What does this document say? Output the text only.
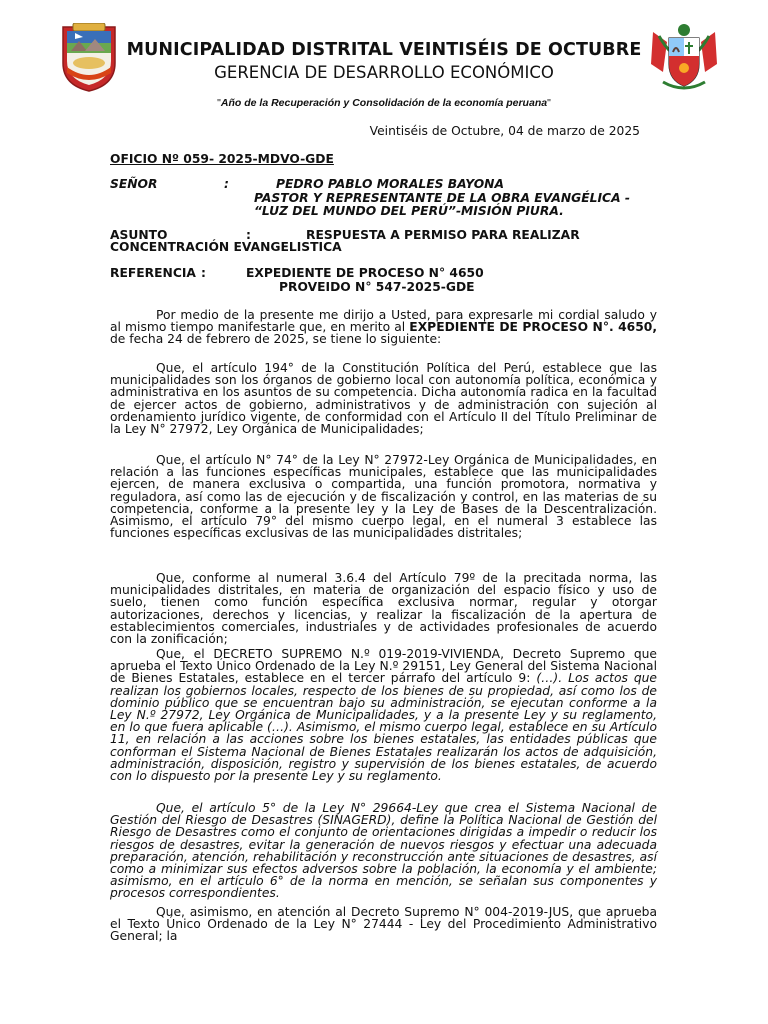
MUNICIPALIDAD DISTRITAL VEINTISÉIS DE OCTUBRE
GERENCIA DE DESARROLLO ECONÓMICO
"Año de la Recuperación y Consolidación de la economía peruana"
Veintiséis de Octubre, 04 de marzo de 2025
OFICIO Nº 059- 2025-MDVO-GDE
SEÑOR	:	PEDRO PABLO MORALES BAYONA
PASTOR Y REPRESENTANTE DE LA OBRA EVANGÉLICA -
“LUZ DEL MUNDO DEL PERÚ”-MISIÓN PIURA.
ASUNTO	:	RESPUESTA A PERMISO PARA REALIZAR
CONCENTRACIÓN EVANGELISTICA
REFERENCIA :	EXPEDIENTE DE PROCESO N° 4650
PROVEIDO N° 547-2025-GDE

Por medio de la presente me dirijo a Usted, para expresarle mi cordial saludo y al mismo tiempo manifestarle que, en merito al EXPEDIENTE DE PROCESO N°. 4650, de fecha 24 de febrero de 2025, se tiene lo siguiente:

Que, el artículo 194° de la Constitución Política del Perú, establece que las municipalidades son los órganos de gobierno local con autonomía política, económica y administrativa en los asuntos de su competencia. Dicha autonomía radica en la facultad de ejercer actos de gobierno, administrativos y de administración con sujeción al ordenamiento jurídico vigente, de conformidad con el Artículo II del Título Preliminar de la Ley N° 27972, Ley Orgánica de Municipalidades;

Que, el artículo N° 74° de la Ley N° 27972-Ley Orgánica de Municipalidades, en relación a las funciones específicas municipales, establece que las municipalidades ejercen, de manera exclusiva o compartida, una función promotora, normativa y reguladora, así como las de ejecución y de fiscalización y control, en las materias de su competencia, conforme a la presente ley y la Ley de Bases de la Descentralización. Asimismo, el artículo 79° del mismo cuerpo legal, en el numeral 3 establece las funciones específicas exclusivas de las municipalidades distritales;

Que, conforme al numeral 3.6.4 del Artículo 79º de la precitada norma, las municipalidades distritales, en materia de organización del espacio físico y uso de suelo, tienen como función específica exclusiva normar, regular y otorgar autorizaciones, derechos y licencias, y realizar la fiscalización de la apertura de establecimientos comerciales, industriales y de actividades profesionales de acuerdo con la zonificación;

Que, el DECRETO SUPREMO N.º 019-2019-VIVIENDA, Decreto Supremo que aprueba el Texto Único Ordenado de la Ley N.º 29151, Ley General del Sistema Nacional de Bienes Estatales, establece en el tercer párrafo del artículo 9: (…). Los actos que realizan los gobiernos locales, respecto de los bienes de su propiedad, así como los de dominio público que se encuentran bajo su administración, se ejecutan conforme a la Ley N.º 27972, Ley Orgánica de Municipalidades, y a la presente Ley y su reglamento, en lo que fuera aplicable (…). Asimismo, el mismo cuerpo legal, establece en su Artículo 11, en relación a las acciones sobre los bienes estatales, las entidades públicas que conforman el Sistema Nacional de Bienes Estatales realizarán los actos de adquisición, administración, disposición, registro y supervisión de los bienes estatales, de acuerdo con lo dispuesto por la presente Ley y su reglamento.

Que, el artículo 5° de la Ley N° 29664-Ley que crea el Sistema Nacional de Gestión del Riesgo de Desastres (SINAGERD), define la Política Nacional de Gestión del Riesgo de Desastres como el conjunto de orientaciones dirigidas a impedir o reducir los riesgos de desastres, evitar la generación de nuevos riesgos y efectuar una adecuada preparación, atención, rehabilitación y reconstrucción ante situaciones de desastres, así como a minimizar sus efectos adversos sobre la población, la economía y el ambiente; asimismo, en el artículo 6° de la norma en mención, se señalan sus componentes y procesos correspondientes.

Que, asimismo, en atención al Decreto Supremo N° 004-2019-JUS, que aprueba el Texto Único Ordenado de la Ley N° 27444 - Ley del Procedimiento Administrativo General; la
